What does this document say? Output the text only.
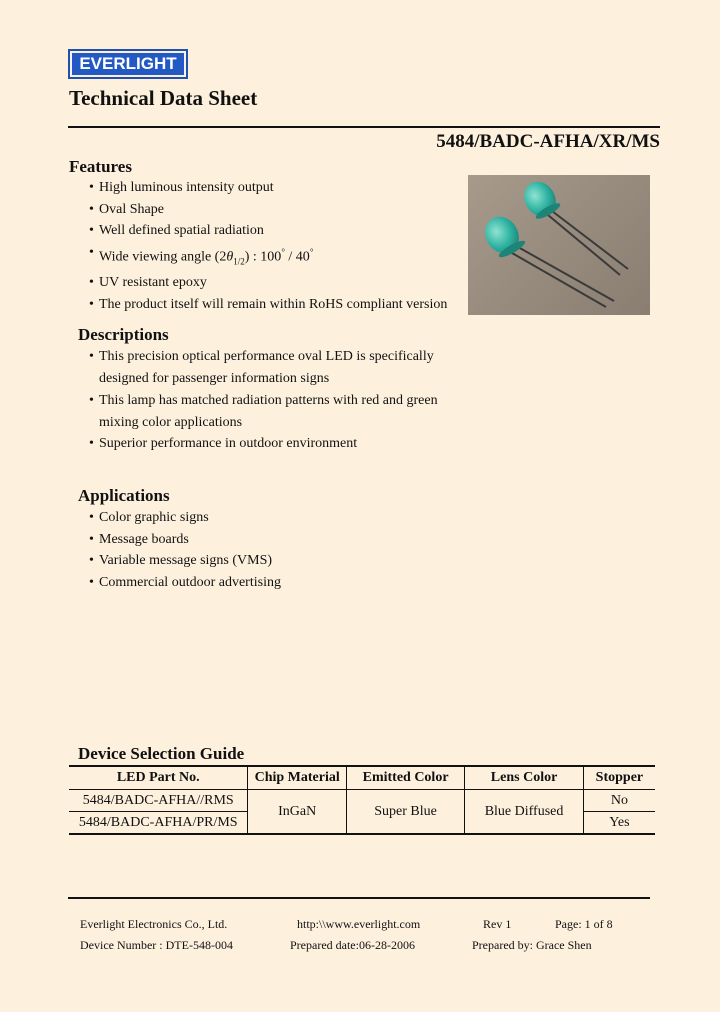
EVERLIGHT
Technical Data Sheet
5484/BADC-AFHA/XR/MS
Features
• High luminous intensity output
• Oval Shape
• Well defined spatial radiation
• Wide viewing angle $(2\theta_{1/2})$ : 100° / 40°
• UV resistant epoxy
• The product itself will remain within RoHS compliant version
Descriptions
• This precision optical performance oval LED is specifically
designed for passenger information signs
• This lamp has matched radiation patterns with red and green
mixing color applications
• Superior performance in outdoor environment
Applications
• Color graphic signs
• Message boards
• Variable message signs (VMS)
• Commercial outdoor advertising
Device Selection Guide
LED Part No.	Chip Material	Emitted Color	Lens Color	Stopper
5484/BADC-AFHA//RMS	InGaN	Super Blue	Blue Diffused	No
5484/BADC-AFHA/PR/MS				Yes
Everlight Electronics Co., Ltd.	http:\\www.everlight.com	Rev 1	Page: 1 of 8
Device Number : DTE-548-004	Prepared date:06-28-2006	Prepared by: Grace Shen
